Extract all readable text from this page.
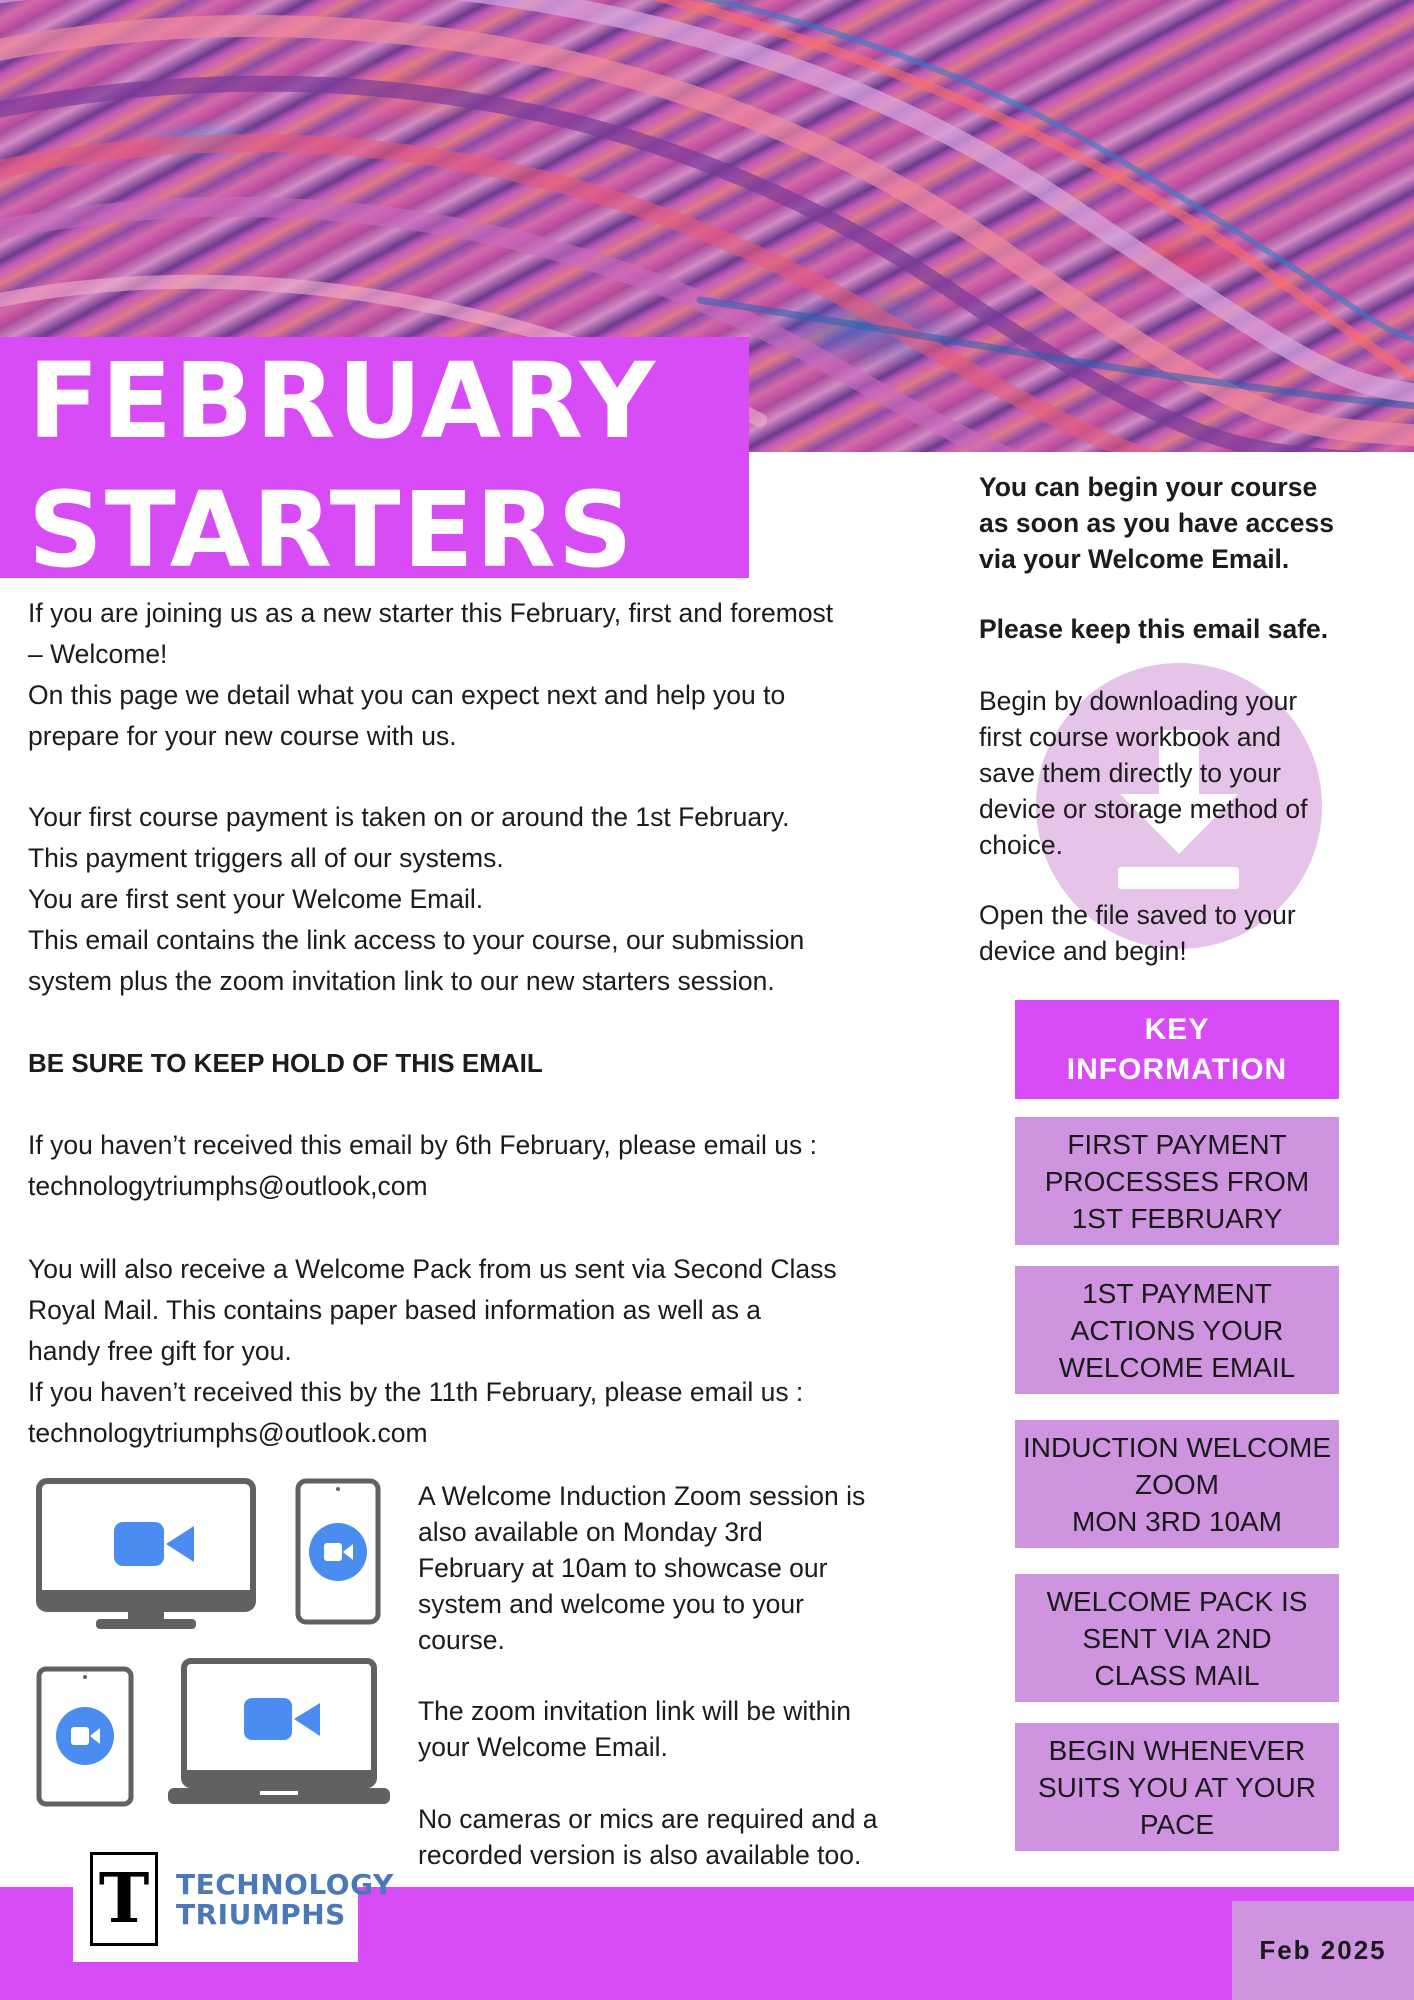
FEBRUARY
STARTERS

If you are joining us as a new starter this February, first and foremost

– Welcome!

On this page we detail what you can expect next and help you to

prepare for your new course with us.

Your first course payment is taken on or around the 1st February.

This payment triggers all of our systems.

You are first sent your Welcome Email.

This email contains the link access to your course, our submission

system plus the zoom invitation link to our new starters session.

BE SURE TO KEEP HOLD OF THIS EMAIL

If you haven’t received this email by 6th February, please email us :

technologytriumphs@outlook,com

You will also receive a Welcome Pack from us sent via Second Class

Royal Mail. This contains paper based information as well as a

handy free gift for you.

If you haven’t received this by the 11th February, please email us :

technologytriumphs@outlook.com

A Welcome Induction Zoom session is

also available on Monday 3rd

February at 10am to showcase our

system and welcome you to your

course.

The zoom invitation link will be within

your Welcome Email.

No cameras or mics are required and a

recorded version is also available too.

You can begin your course

as soon as you have access

via your Welcome Email.

Please keep this email safe.

Begin by downloading your

first course workbook and

save them directly to your

device or storage method of

choice.

Open the file saved to your

device and begin!

KEY
INFORMATION
FIRST PAYMENT
PROCESSES FROM
1ST FEBRUARY
1ST PAYMENT
ACTIONS YOUR
WELCOME EMAIL
INDUCTION WELCOME
ZOOM
MON 3RD 10AM
WELCOME PACK IS
SENT VIA 2ND
CLASS MAIL
BEGIN WHENEVER
SUITS YOU AT YOUR
PACE
T TECHNOLOGY
TRIUMPHS
Feb 2025
